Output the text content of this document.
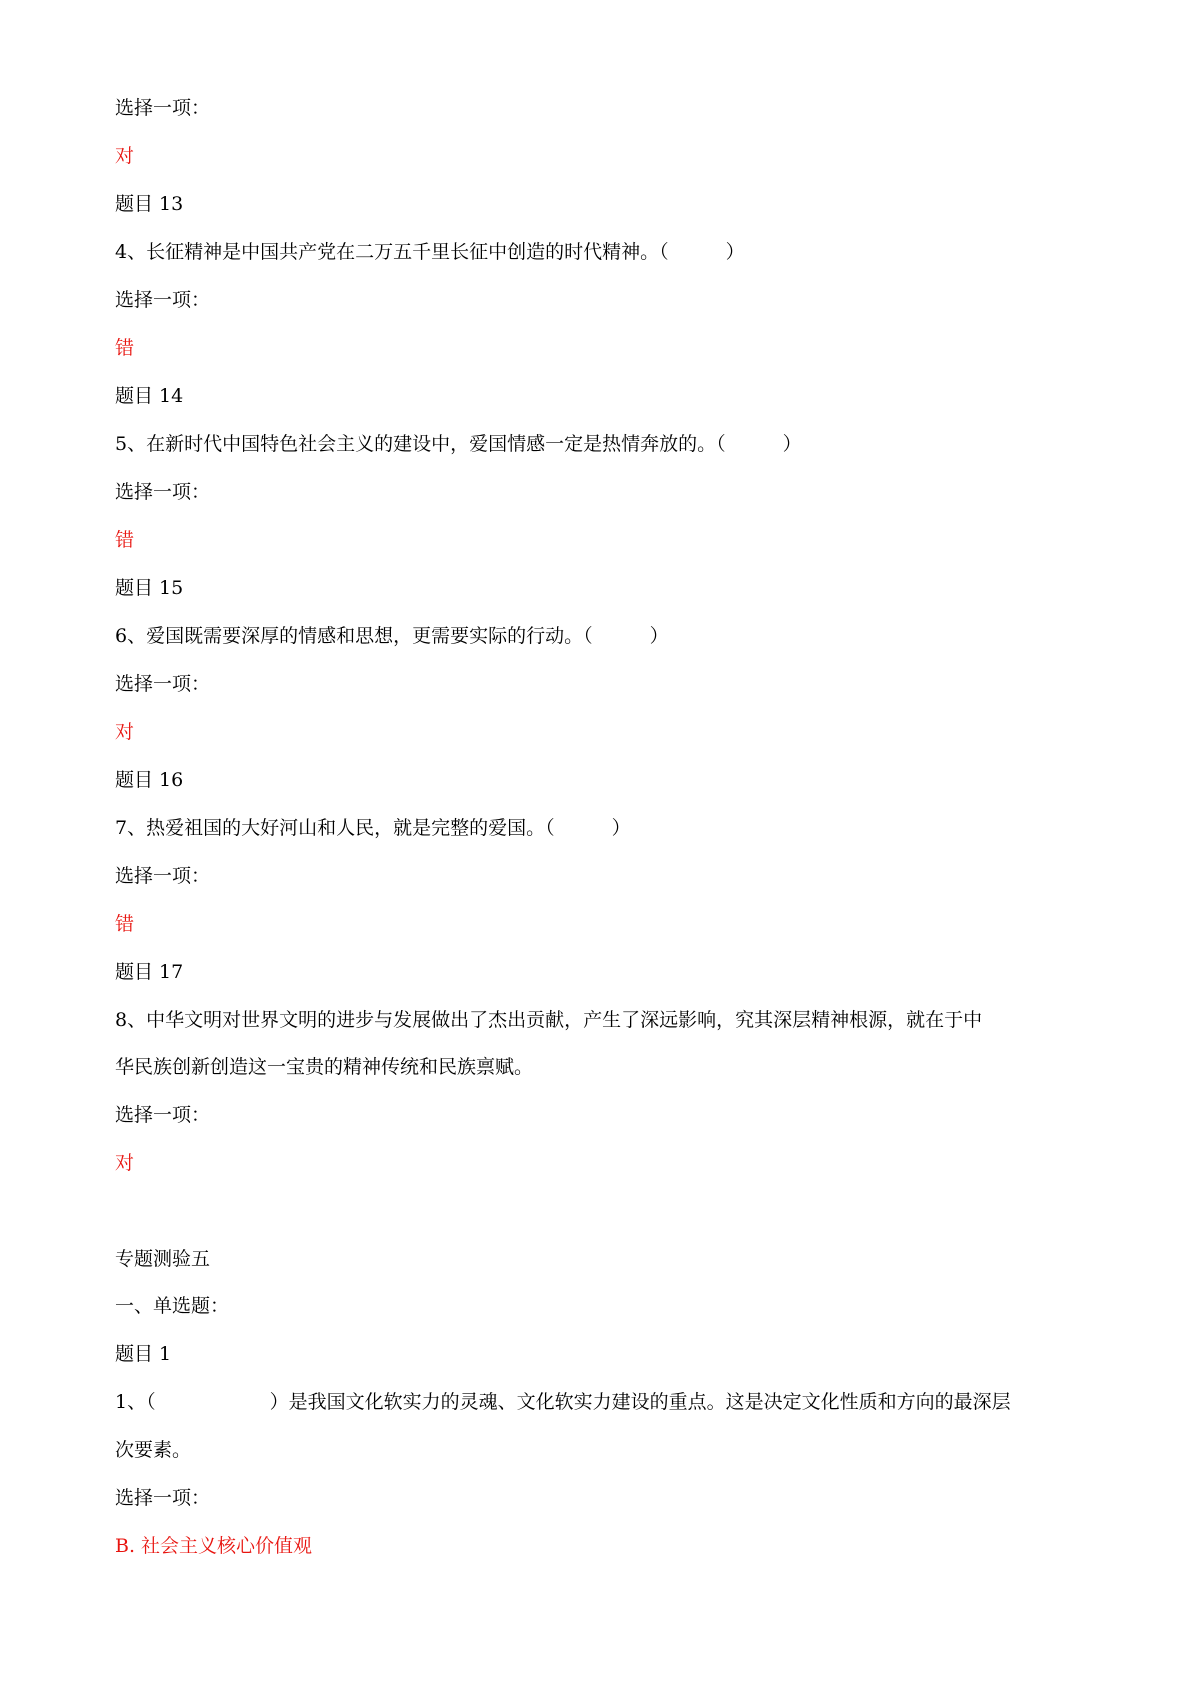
选择一项：
对
题目 13
4、长征精神是中国共产党在二万五千里长征中创造的时代精神。（　　　）
选择一项：
错
题目 14
5、在新时代中国特色社会主义的建设中，爱国情感一定是热情奔放的。（　　　）
选择一项：
错
题目 15
6、爱国既需要深厚的情感和思想，更需要实际的行动。（　　　）
选择一项：
对
题目 16
7、热爱祖国的大好河山和人民，就是完整的爱国。（　　　）
选择一项：
错
题目 17
8、中华文明对世界文明的进步与发展做出了杰出贡献，产生了深远影响，究其深层精神根源，就在于中
华民族创新创造这一宝贵的精神传统和民族禀赋。
选择一项：
对
专题测验五
一、单选题：
题目 1
1、（　　　　　　）是我国文化软实力的灵魂、文化软实力建设的重点。这是决定文化性质和方向的最深层
次要素。
选择一项：
B. 社会主义核心价值观
